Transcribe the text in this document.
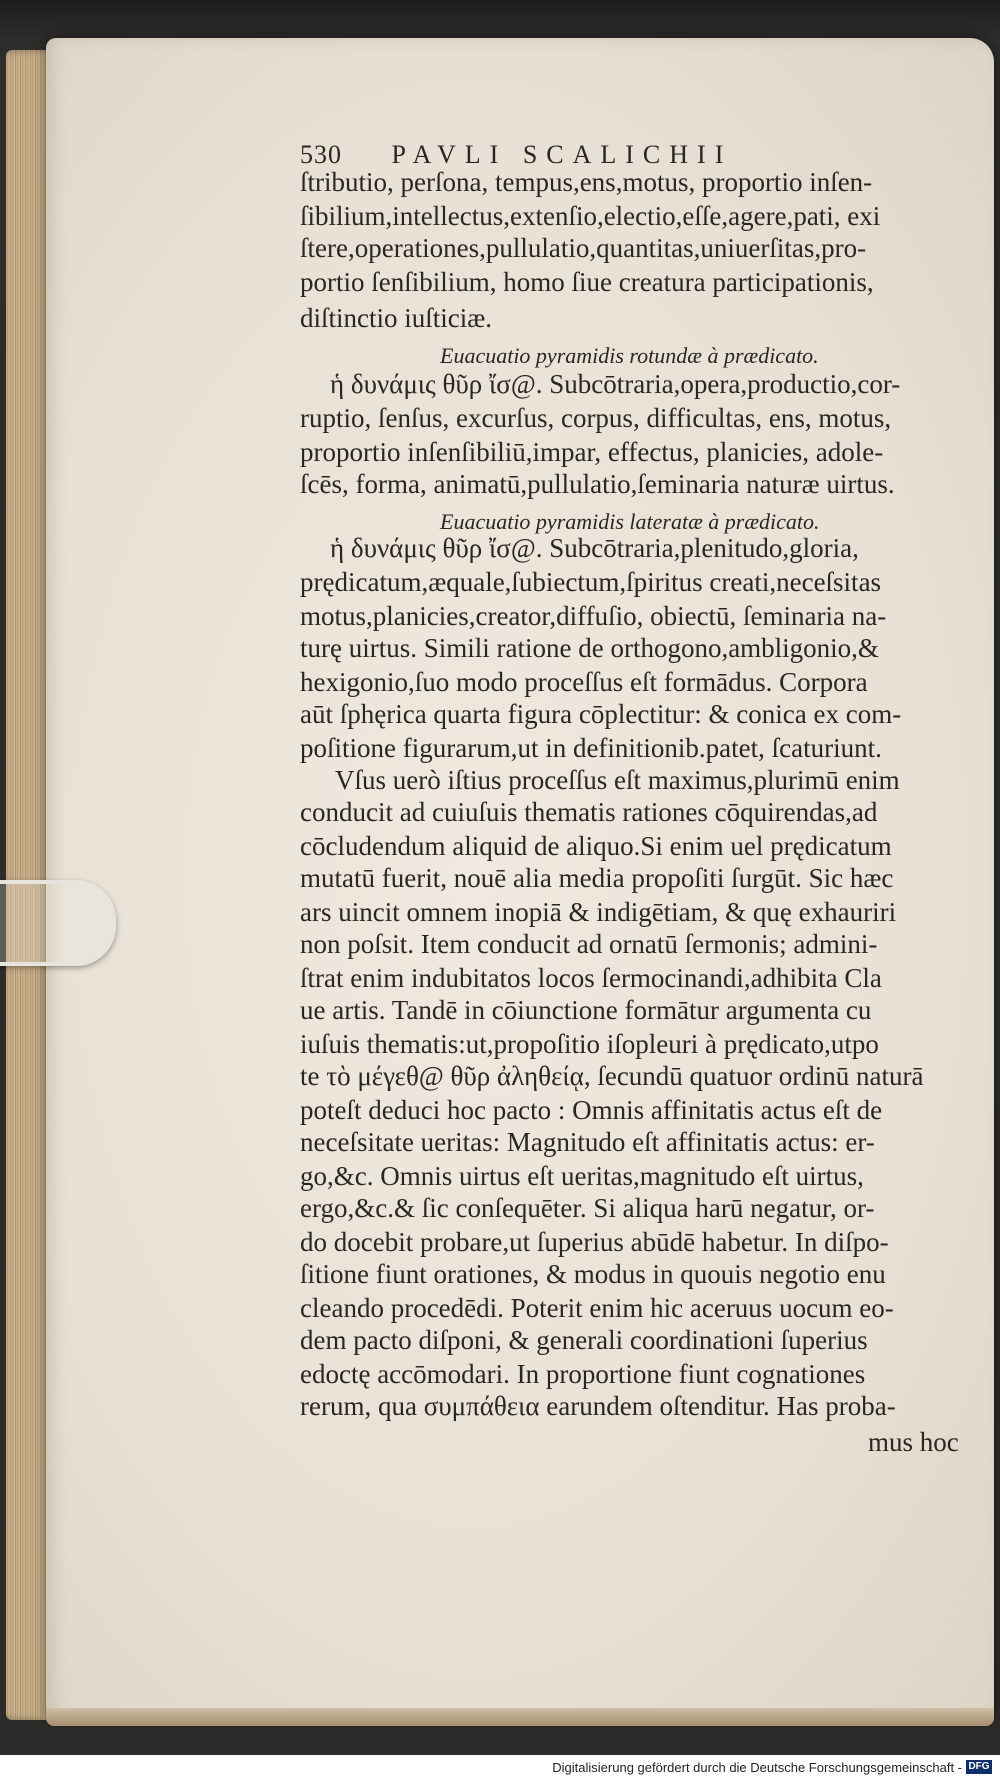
530 PAVLI SCALICHII
ſtributio, perſona, tempus,ens,motus, proportio inſen-
ſibilium,intellectus,extenſio,electio,eſſe,agere,pati, exi
ſtere,operationes,pullulatio,quantitas,uniuerſitas,pro-
portio ſenſibilium, homo ſiue creatura participationis,
diſtinctio iuſticiæ.
Euacuatio pyramidis rotundæ à prædicato.
ἡ δυνάμις θῦρ ἴσ@. Subcōtraria,opera,productio,cor-
ruptio, ſenſus, excurſus, corpus, difficultas, ens, motus,
proportio inſenſibiliū,impar, effectus, planicies, adole-
ſcēs, forma, animatū,pullulatio,ſeminaria naturæ uirtus.
Euacuatio pyramidis lateratæ à prædicato.
ἡ δυνάμις θῦρ ἴσ@. Subcōtraria,plenitudo,gloria,
prędicatum,æquale,ſubiectum,ſpiritus creati,neceſsitas
motus,planicies,creator,diffuſio, obiectū, ſeminaria na-
turę uirtus. Simili ratione de orthogono,ambligonio,&
hexigonio,ſuo modo proceſſus eſt formādus. Corpora
aūt ſphęrica quarta figura cōplectitur: & conica ex com-
poſitione figurarum,ut in definitionib.patet, ſcaturiunt.
Vſus uerò iſtius proceſſus eſt maximus,plurimū enim
conducit ad cuiuſuis thematis rationes cōquirendas,ad
cōcludendum aliquid de aliquo.Si enim uel prędicatum
mutatū fuerit, nouē alia media propoſiti ſurgūt. Sic hæc
ars uincit omnem inopiā & indigētiam, & quę exhauriri
non poſsit. Item conducit ad ornatū ſermonis; admini-
ſtrat enim indubitatos locos ſermocinandi,adhibita Cla
ue artis. Tandē in cōiunctione formātur argumenta cu
iuſuis thematis:ut,propoſitio iſopleuri à prędicato,utpo
te τὸ μέγεθ@ θῦρ ἀληθείᾳ, ſecundū quatuor ordinū naturā
poteſt deduci hoc pacto : Omnis affinitatis actus eſt de
neceſsitate ueritas: Magnitudo eſt affinitatis actus: er-
go,&c. Omnis uirtus eſt ueritas,magnitudo eſt uirtus,
ergo,&c.& ſic conſequēter. Si aliqua harū negatur, or-
do docebit probare,ut ſuperius abūdē habetur. In diſpo-
ſitione fiunt orationes, & modus in quouis negotio enu
cleando procedēdi. Poterit enim hic aceruus uocum eo-
dem pacto diſponi, & generali coordinationi ſuperius
edoctę accōmodari. In proportione fiunt cognationes
rerum, qua συμπάθεια earundem oſtenditur. Has proba-
mus hoc
Digitalisierung gefördert durch die Deutsche Forschungsgemeinschaft - DFG
